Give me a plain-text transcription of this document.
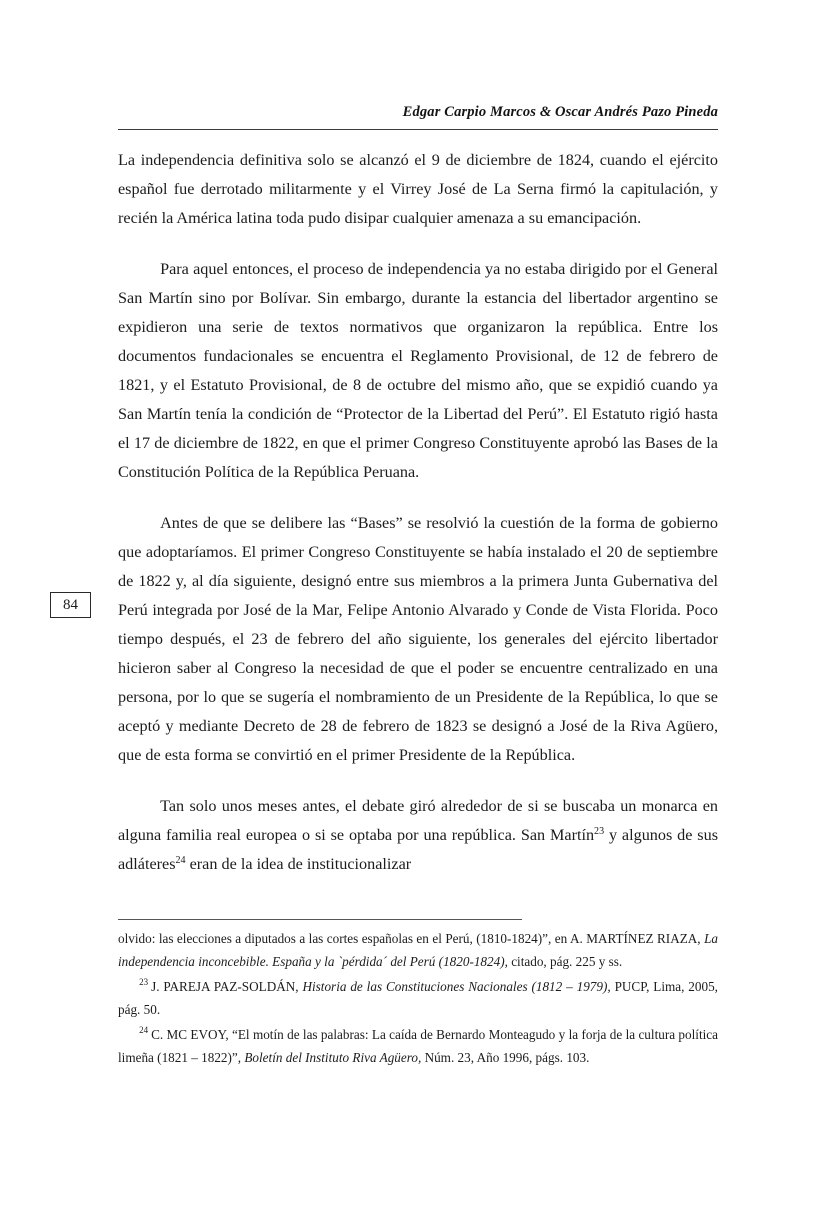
Edgar Carpio Marcos & Oscar Andrés Pazo Pineda
84

La independencia definitiva solo se alcanzó el 9 de diciembre de 1824, cuando el ejército español fue derrotado militarmente y el Virrey José de La Serna firmó la capitulación, y recién la América latina toda pudo disipar cualquier amenaza a su emancipación.

Para aquel entonces, el proceso de independencia ya no estaba dirigido por el General San Martín sino por Bolívar. Sin embargo, durante la estancia del libertador argentino se expidieron una serie de textos normativos que organizaron la república. Entre los documentos fundacionales se encuentra el Reglamento Provisional, de 12 de febrero de 1821, y el Estatuto Provisional, de 8 de octubre del mismo año, que se expidió cuando ya San Martín tenía la condición de “Protector de la Libertad del Perú”. El Estatuto rigió hasta el 17 de diciembre de 1822, en que el primer Congreso Constituyente aprobó las Bases de la Constitución Política de la República Peruana.

Antes de que se delibere las “Bases” se resolvió la cuestión de la forma de gobierno que adoptaríamos. El primer Congreso Constituyente se había instalado el 20 de septiembre de 1822 y, al día siguiente, designó entre sus miembros a la primera Junta Gubernativa del Perú integrada por José de la Mar, Felipe Antonio Alvarado y Conde de Vista Florida. Poco tiempo después, el 23 de febrero del año siguiente, los generales del ejército libertador hicieron saber al Congreso la necesidad de que el poder se encuentre centralizado en una persona, por lo que se sugería el nombramiento de un Presidente de la República, lo que se aceptó y mediante Decreto de 28 de febrero de 1823 se designó a José de la Riva Agüero, que de esta forma se convirtió en el primer Presidente de la República.

Tan solo unos meses antes, el debate giró alrededor de si se buscaba un monarca en alguna familia real europea o si se optaba por una república. San Martín$^{23}$ y algunos de sus adláteres$^{24}$ eran de la idea de institucionalizar

olvido: las elecciones a diputados a las cortes españolas en el Perú, (1810-1824)”, en A. MARTÍNEZ RIAZA, La independencia inconcebible. España y la `pérdida´ del Perú (1820-1824), citado, pág. 225 y ss.

$^{23}$ J. PAREJA PAZ-SOLDÁN, Historia de las Constituciones Nacionales (1812 – 1979), PUCP, Lima, 2005, pág. 50.

$^{24}$ C. MC EVOY, “El motín de las palabras: La caída de Bernardo Monteagudo y la forja de la cultura política limeña (1821 – 1822)”, Boletín del Instituto Riva Agüero, Núm. 23, Año 1996, págs. 103.
